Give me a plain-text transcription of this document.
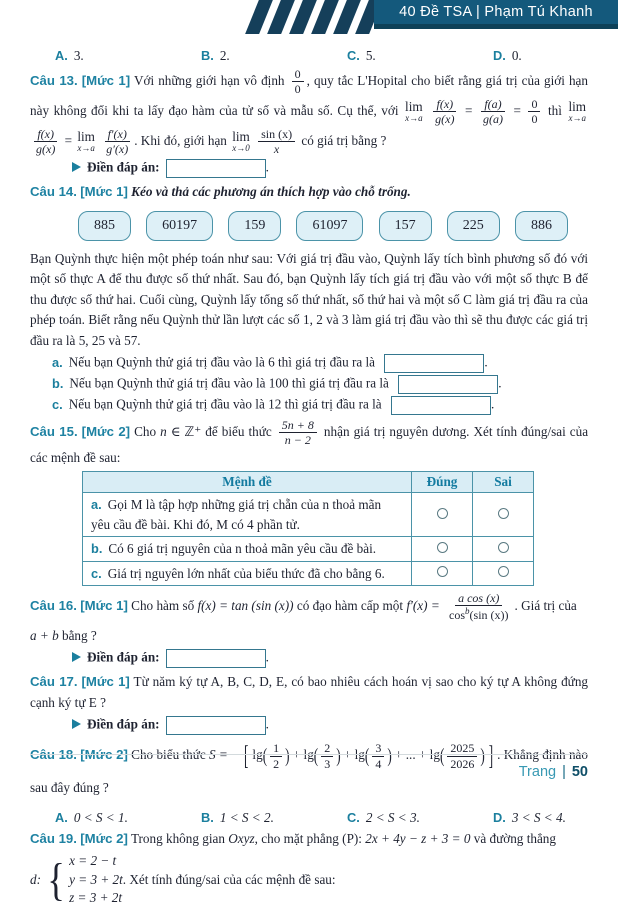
40 Đề TSA | Phạm Tú Khanh
A. 3.	B. 2.	C. 5.	D. 0.

Câu 13. [Mức 1] Với những giới hạn vô định $\frac{0}{0}$ , quy tắc L'Hopital cho biết rằng giá trị của giới hạn này không đổi khi ta lấy đạo hàm của tử số và mẫu số. Cụ thể, với lim
x→a
$\frac{f(x)}{g(x)} = \frac{f(a)}{g(a)} = \frac{0}{0}$ thì lim
x→a

$\frac{f(x)}{g(x)} = \lim$
x→a
$\frac{f'(x)}{g'(x)}$ . Khi đó, giới hạn lim
x→0
$\frac{\sin (x)}{x}$ có giá trị bằng ?

Điền đáp án:	.

Câu 14. [Mức 1] Kéo và thả các phương án thích hợp vào chỗ trống.

885	60197	159	61097	157	225	886

Bạn Quỳnh thực hiện một phép toán như sau: Với giá trị đầu vào, Quỳnh lấy tích bình phương số đó với một số thực A để thu được số thứ nhất. Sau đó, bạn Quỳnh lấy tích giá trị đầu vào với một số thực B để thu được số thứ hai. Cuối cùng, Quỳnh lấy tổng số thứ nhất, số thứ hai và một số C làm giá trị đầu ra của phép toán. Biết rằng nếu Quỳnh thử lần lượt các số 1, 2 và 3 làm giá trị đầu vào thì sẽ thu được các giá trị đầu ra là 5, 25 và 57.

a. Nếu bạn Quỳnh thử giá trị đầu vào là 6 thì giá trị đầu ra là	.
b. Nếu bạn Quỳnh thử giá trị đầu vào là 100 thì giá trị đầu ra là	.
c. Nếu bạn Quỳnh thử giá trị đầu vào là 12 thì giá trị đầu ra là	.

Câu 15. [Mức 2] Cho n ∈ ℤ⁺ để biểu thức $\frac{5n + 8}{n - 2}$ nhận giá trị nguyên dương. Xét tính đúng/sai của các mệnh đề sau:

Mệnh đề	Đúng	Sai
a. Gọi M là tập hợp những giá trị chẵn của n thoả mãn yêu cầu đề bài. Khi đó, M có 4 phần tử.		
b. Có 6 giá trị nguyên của n thoả mãn yêu cầu đề bài.		
c. Giá trị nguyên lớn nhất của biểu thức đã cho bằng 6.		

Câu 16. [Mức 1] Cho hàm số f(x) = tan (sin (x)) có đạo hàm cấp một $f'(x) = \frac{\text{a cos (x)}}{\cos^b(\sin (x))}$ . Giá trị của

a + b bằng ?

Điền đáp án:	.

Câu 17. [Mức 1] Từ năm ký tự A, B, C, D, E, có bao nhiêu cách hoán vị sao cho ký tự A không đứng cạnh ký tự E ?

Điền đáp án:	.

Câu 18. [Mức 2] Cho biểu thức S = − [ $\lg( \frac{1}{2}$ ) + $\lg( \frac{2}{3}$ ) + $\lg( \frac{3}{4}$ ) + ... + $\lg( \frac{2025}{2026}$ ) ] . Khẳng định nào sau đây đúng ?

A. 0 < S < 1.	B. 1 < S < 2.	C. 2 < S < 3.	D. 3 < S < 4.

Câu 19. [Mức 2] Trong không gian Oxyz, cho mặt phẳng (P): 2x + 4y − z + 3 = 0 và đường thẳng

d: { x = 2 − t
y = 3 + 2t
z = 3 + 2t
. Xét tính đúng/sai của các mệnh đề sau:
Trang | 50
